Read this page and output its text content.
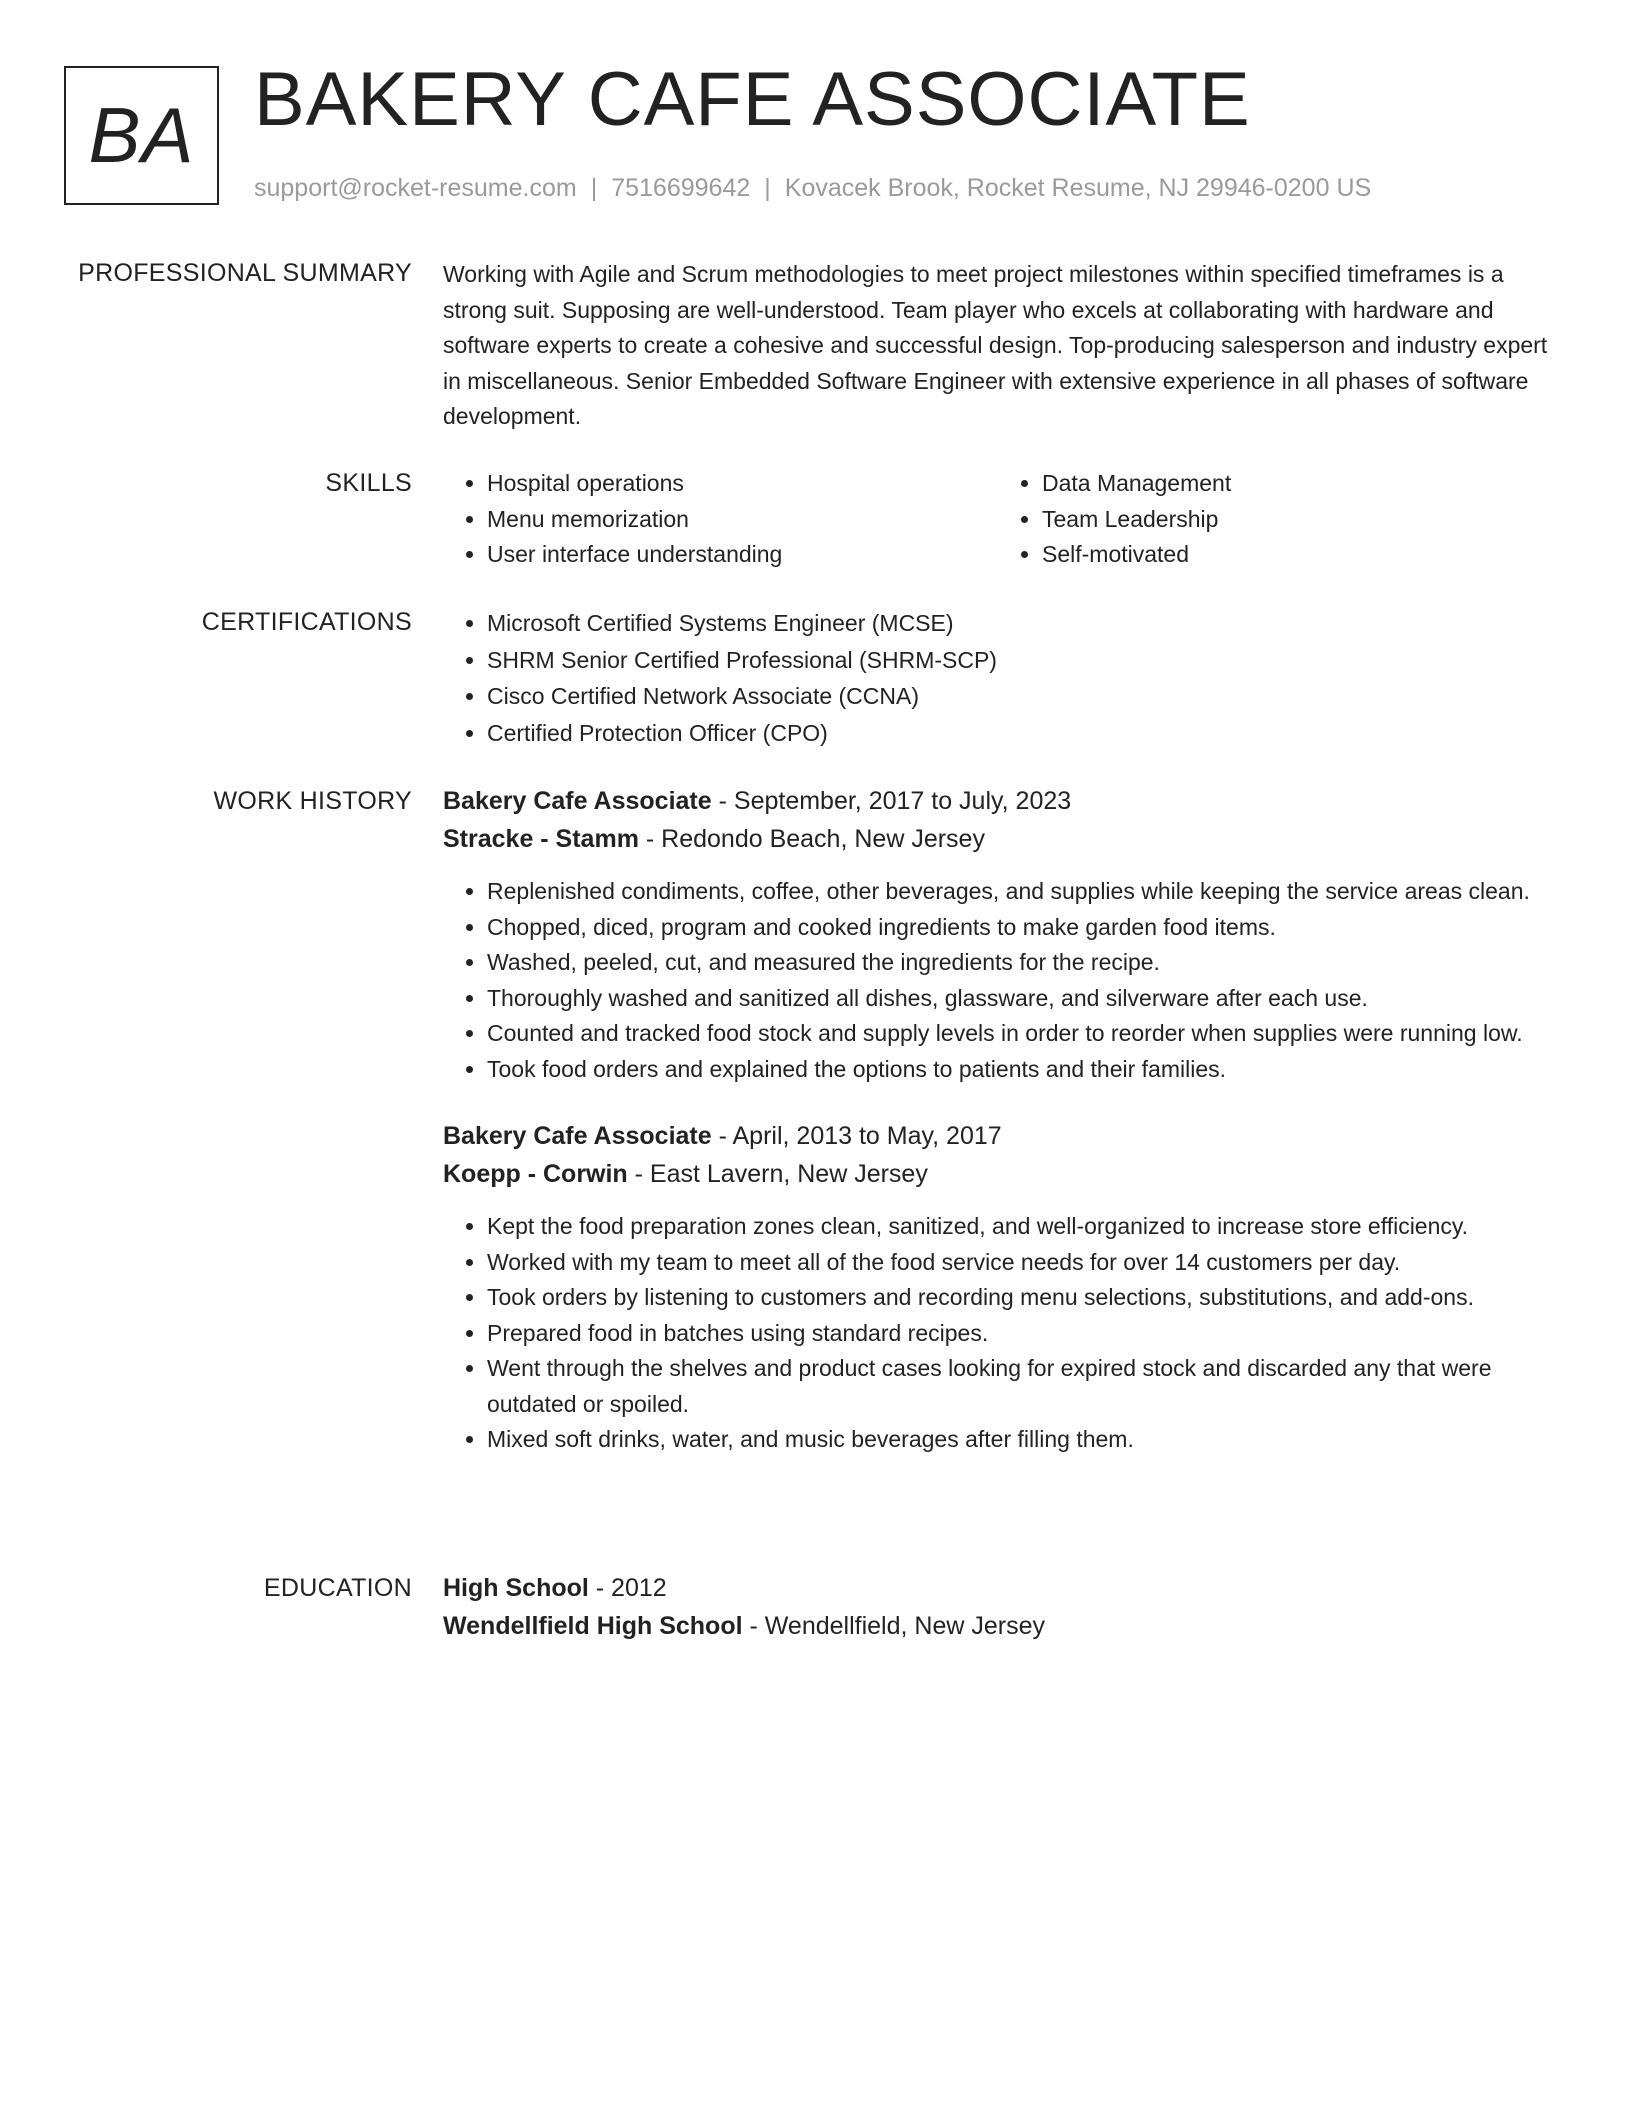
BA BAKERY CAFE ASSOCIATE
support@rocket-resume.com | 7516699642 | Kovacek Brook, Rocket Resume, NJ 29946-0200 US
PROFESSIONAL SUMMARY Working with Agile and Scrum methodologies to meet project milestones within specified timeframes is a strong suit. Supposing are well-understood. Team player who excels at collaborating with hardware and software experts to create a cohesive and successful design. Top-producing salesperson and industry expert in miscellaneous. Senior Embedded Software Engineer with extensive experience in all phases of software development.

SKILLS	• Hospital operations
• Menu memorization
• User interface understanding
• Data Management
• Team Leadership
• Self-motivated
CERTIFICATIONS	• Microsoft Certified Systems Engineer (MCSE)
• SHRM Senior Certified Professional (SHRM-SCP)
• Cisco Certified Network Associate (CCNA)
• Certified Protection Officer (CPO)
WORK HISTORY Bakery Cafe Associate - September, 2017 to July, 2023
Stracke - Stamm - Redondo Beach, New Jersey
• Replenished condiments, coffee, other beverages, and supplies while keeping the service areas clean.
• Chopped, diced, program and cooked ingredients to make garden food items.
• Washed, peeled, cut, and measured the ingredients for the recipe.
• Thoroughly washed and sanitized all dishes, glassware, and silverware after each use.
• Counted and tracked food stock and supply levels in order to reorder when supplies were running low.
• Took food orders and explained the options to patients and their families.
Bakery Cafe Associate - April, 2013 to May, 2017
Koepp - Corwin - East Lavern, New Jersey
• Kept the food preparation zones clean, sanitized, and well-organized to increase store efficiency.
• Worked with my team to meet all of the food service needs for over 14 customers per day.
• Took orders by listening to customers and recording menu selections, substitutions, and add-ons.
• Prepared food in batches using standard recipes.
• Went through the shelves and product cases looking for expired stock and discarded any that were outdated or spoiled.
• Mixed soft drinks, water, and music beverages after filling them.
EDUCATION High School - 2012
Wendellfield High School - Wendellfield, New Jersey
